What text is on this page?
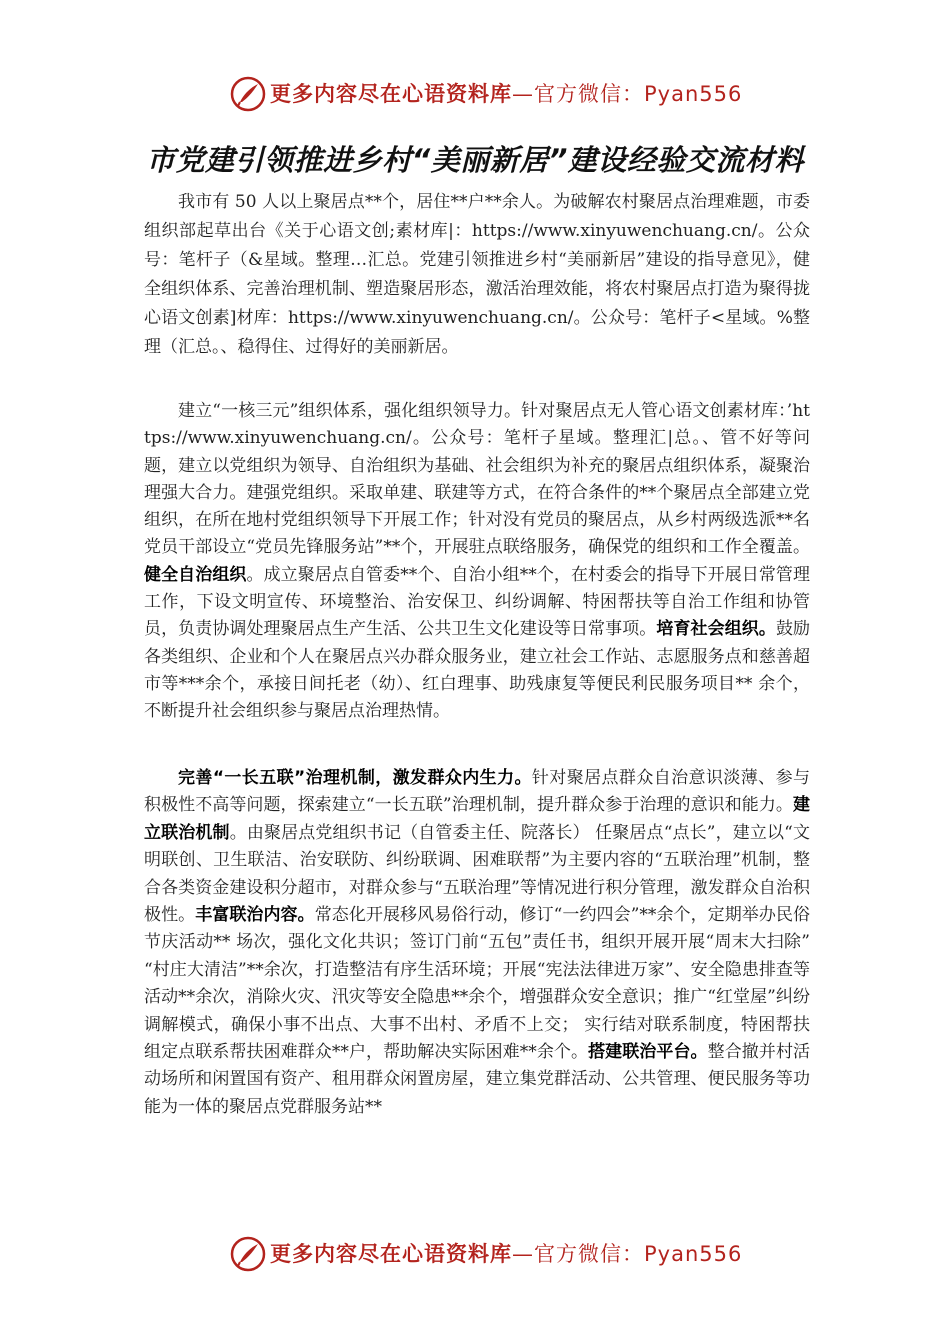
更多内容尽在心语资料库—官方微信：Pyan556
市党建引领推进乡村“美丽新居”建设经验交流材料

我市有 50 人以上聚居点**个，居住**户**余人。为破解农村聚居点治理难题，市委组织部起草出台《关于心语文创;素材库|：https://www.xinyuwenchuang.cn/。公众号：笔杆子（&星域。整理…汇总。党建引领推进乡村“美丽新居”建设的指导意见》，健全组织体系、完善治理机制、塑造聚居形态，激活治理效能，将农村聚居点打造为聚得拢心语文创素]材库：https://www.xinyuwenchuang.cn/。公众号：笔杆子<星域。%整理（汇总。、稳得住、过得好的美丽新居。

建立“一核三元”组织体系，强化组织领导力。针对聚居点无人管心语文创素材库：’https://www.xinyuwenchuang.cn/。公众号：笔杆子星域。整理汇|总。、管不好等问题，建立以党组织为领导、自治组织为基础、社会组织为补充的聚居点组织体系，凝聚治理强大合力。建强党组织。采取单建、联建等方式，在符合条件的**个聚居点全部建立党组织，在所在地村党组织领导下开展工作；针对没有党员的聚居点，从乡村两级选派**名党员干部设立“党员先锋服务站”**个，开展驻点联络服务，确保党的组织和工作全覆盖。健全自治组织。成立聚居点自管委**个、自治小组**个，在村委会的指导下开展日常管理工作，下设文明宣传、环境整治、治安保卫、纠纷调解、特困帮扶等自治工作组和协管员，负责协调处理聚居点生产生活、公共卫生文化建设等日常事项。培育社会组织。鼓励各类组织、企业和个人在聚居点兴办群众服务业，建立社会工作站、志愿服务点和慈善超市等***余个，承接日间托老（幼）、红白理事、助残康复等便民利民服务项目** 余个，不断提升社会组织参与聚居点治理热情。

完善“一长五联”治理机制，激发群众内生力。针对聚居点群众自治意识淡薄、参与积极性不高等问题，探索建立“一长五联”治理机制，提升群众参于治理的意识和能力。建立联治机制。由聚居点党组织书记（自管委主任、院落长） 任聚居点“点长”，建立以“文明联创、卫生联洁、治安联防、纠纷联调、困难联帮”为主要内容的“五联治理”机制，整合各类资金建设积分超市，对群众参与“五联治理”等情况进行积分管理，激发群众自治积极性。丰富联治内容。常态化开展移风易俗行动，修订“一约四会”**余个，定期举办民俗节庆活动** 场次，强化文化共识；签订门前“五包”责任书，组织开展开展“周末大扫除” “村庄大清洁”**余次，打造整洁有序生活环境；开展“宪法法律进万家”、安全隐患排查等活动**余次，消除火灾、汛灾等安全隐患**余个，增强群众安全意识；推广“红堂屋”纠纷调解模式，确保小事不出点、大事不出村、矛盾不上交； 实行结对联系制度，特困帮扶组定点联系帮扶困难群众**户，帮助解决实际困难**余个。搭建联治平台。整合撤并村活动场所和闲置国有资产、租用群众闲置房屋，建立集党群活动、公共管理、便民服务等功能为一体的聚居点党群服务站**

更多内容尽在心语资料库—官方微信：Pyan556
